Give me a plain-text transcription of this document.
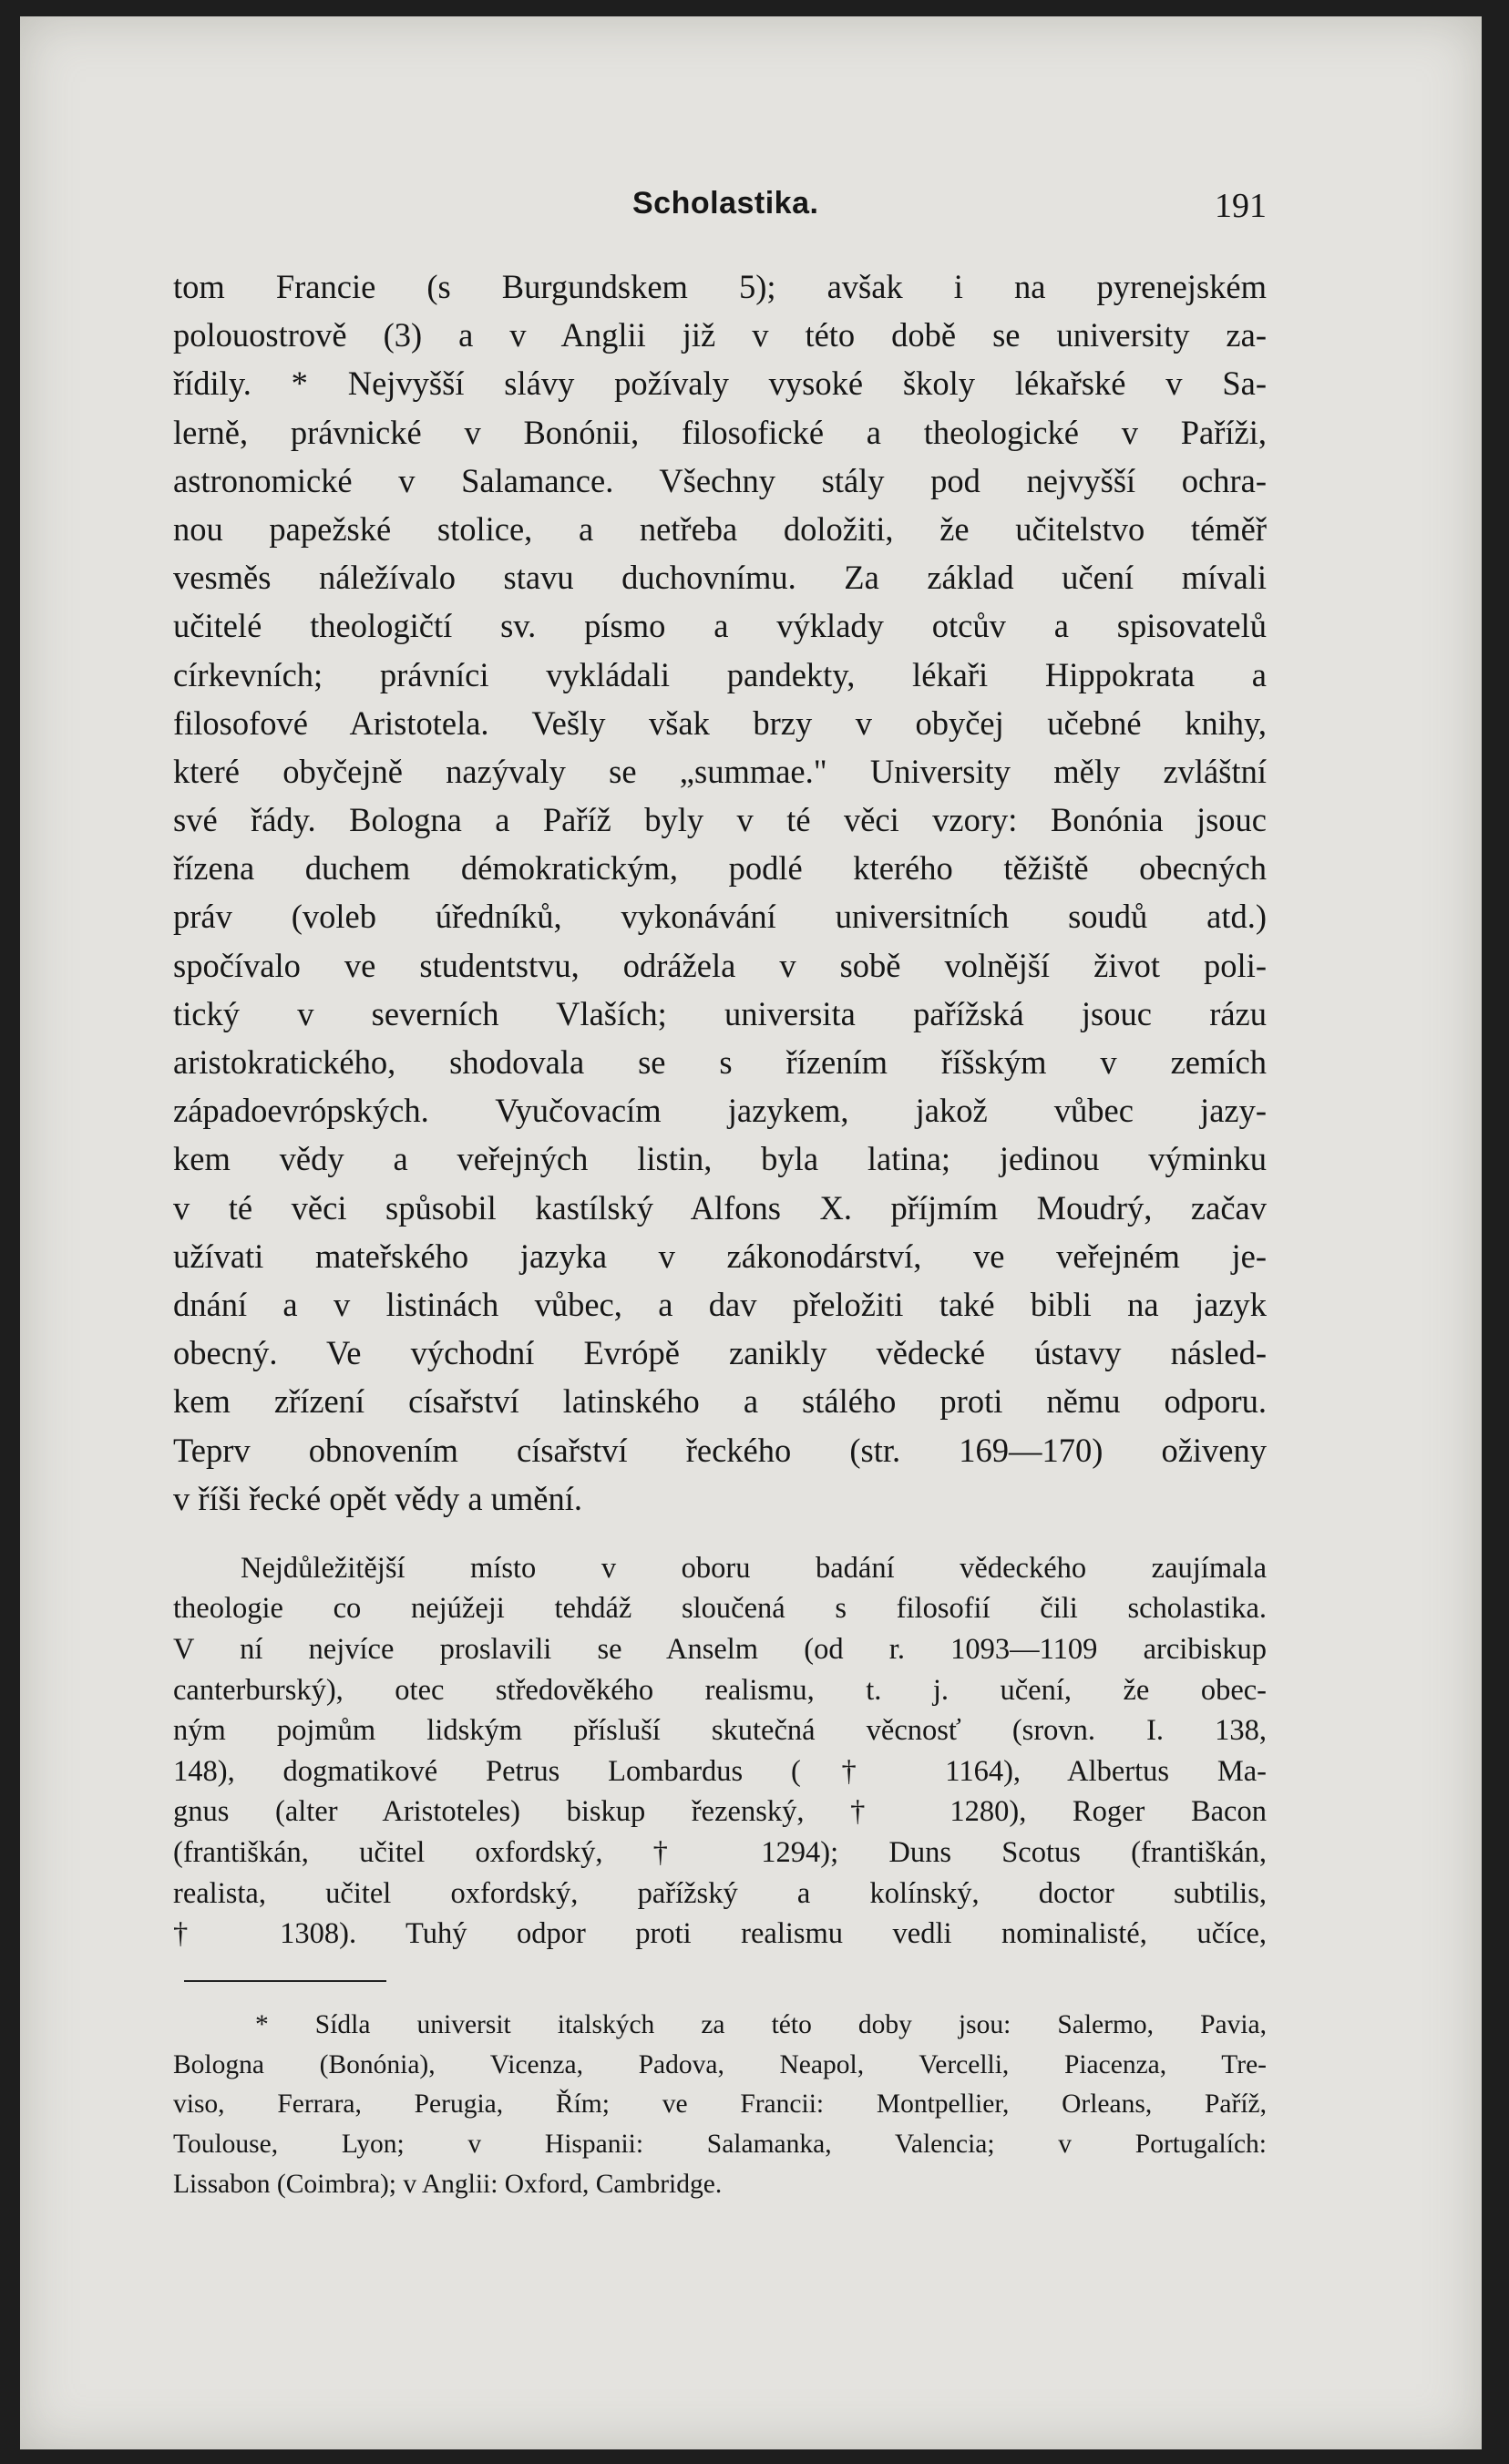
Scholastika.	191

tom Francie (s Burgundskem 5); avšak i na pyrenejském

polouostrově (3) a v Anglii již v této době se university za-

řídily. * Nejvyšší slávy požívaly vysoké školy lékařské v Sa-

lerně, právnické v Bonónii, filosofické a theologické v Paříži,

astronomické v Salamance. Všechny stály pod nejvyšší ochra-

nou papežské stolice, a netřeba doložiti, že učitelstvo téměř

vesměs náležívalo stavu duchovnímu. Za základ učení mívali

učitelé theologičtí sv. písmo a výklady otcův a spisovatelů

církevních; právníci vykládali pandekty, lékaři Hippokrata a

filosofové Aristotela. Vešly však brzy v obyčej učebné knihy,

které obyčejně nazývaly se „summae." University měly zvláštní

své řády. Bologna a Paříž byly v té věci vzory: Bonónia jsouc

řízena duchem démokratickým, podlé kterého těžiště obecných

práv (voleb úředníků, vykonávání universitních soudů atd.)

spočívalo ve studentstvu, odrážela v sobě volnější život poli-

tický v severních Vlaších; universita pařížská jsouc rázu

aristokratického, shodovala se s řízením říšským v zemích

západoevrópských. Vyučovacím jazykem, jakož vůbec jazy-

kem vědy a veřejných listin, byla latina; jedinou výminku

v té věci spůsobil kastílský Alfons X. příjmím Moudrý, začav

užívati mateřského jazyka v zákonodárství, ve veřejném je-

dnání a v listinách vůbec, a dav přeložiti také bibli na jazyk

obecný. Ve východní Evrópě zanikly vědecké ústavy násled-

kem zřízení císařství latinského a stálého proti němu odporu.

Teprv obnovením císařství řeckého (str. 169—170) oživeny

v říši řecké opět vědy a umění.

Nejdůležitější místo v oboru badání vědeckého zaujímala

theologie co nejúžeji tehdáž sloučená s filosofií čili scholastika.

V ní nejvíce proslavili se Anselm (od r. 1093—1109 arcibiskup

canterburský), otec středověkého realismu, t. j. učení, že obec-

ným pojmům lidským přísluší skutečná věcnosť (srovn. I. 138,

148), dogmatikové Petrus Lombardus († 1164), Albertus Ma-

gnus (alter Aristoteles) biskup řezenský, † 1280), Roger Bacon

(františkán, učitel oxfordský, † 1294); Duns Scotus (františkán,

realista, učitel oxfordský, pařížský a kolínský, doctor subtilis,

† 1308). Tuhý odpor proti realismu vedli nominalisté, učíce,

* Sídla universit italských za této doby jsou: Salermo, Pavia,

Bologna (Bonónia), Vicenza, Padova, Neapol, Vercelli, Piacenza, Tre-

viso, Ferrara, Perugia, Řím; ve Francii: Montpellier, Orleans, Paříž,

Toulouse, Lyon; v Hispanii: Salamanka, Valencia; v Portugalích:

Lissabon (Coimbra); v Anglii: Oxford, Cambridge.
